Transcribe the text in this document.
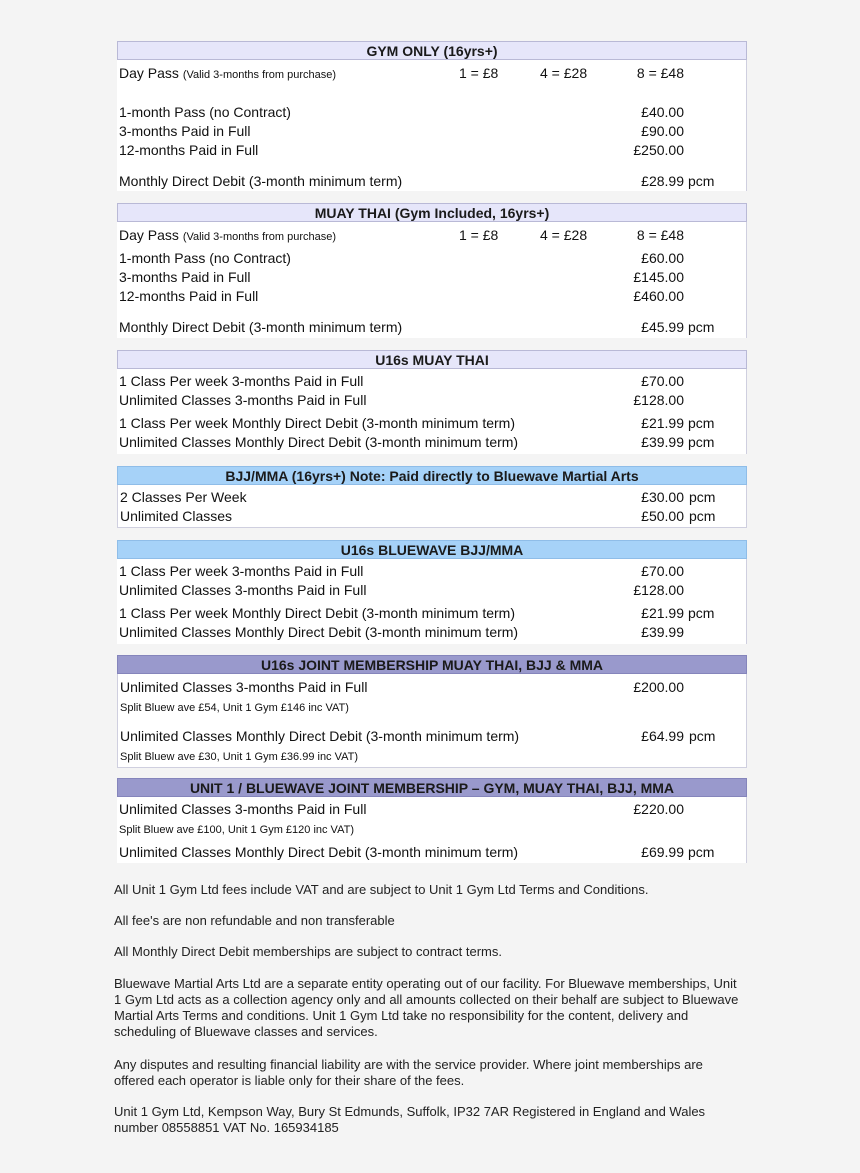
GYM ONLY (16yrs+)
Day Pass (Valid 3-months from purchase)	1 = £8	4 = £28	8 = £48
1-month Pass (no Contract)	£40.00
3-months Paid in Full	£90.00
12-months Paid in Full	£250.00
Monthly Direct Debit (3-month minimum term)	£28.99 pcm
MUAY THAI (Gym Included, 16yrs+)
Day Pass (Valid 3-months from purchase)	1 = £8	4 = £28	8 = £48
1-month Pass (no Contract)	£60.00
3-months Paid in Full	£145.00
12-months Paid in Full	£460.00
Monthly Direct Debit (3-month minimum term)	£45.99 pcm
U16s MUAY THAI
1 Class Per week 3-months Paid in Full	£70.00
Unlimited Classes 3-months Paid in Full	£128.00
1 Class Per week Monthly Direct Debit (3-month minimum term)	£21.99 pcm
Unlimited Classes Monthly Direct Debit (3-month minimum term)	£39.99 pcm
BJJ/MMA (16yrs+) Note: Paid directly to Bluewave Martial Arts
2 Classes Per Week	£30.00 pcm
Unlimited Classes	£50.00 pcm
U16s BLUEWAVE BJJ/MMA
1 Class Per week 3-months Paid in Full	£70.00
Unlimited Classes 3-months Paid in Full	£128.00
1 Class Per week Monthly Direct Debit (3-month minimum term)	£21.99 pcm
Unlimited Classes Monthly Direct Debit (3-month minimum term)	£39.99
U16s JOINT MEMBERSHIP MUAY THAI, BJJ & MMA
Unlimited Classes 3-months Paid in Full	£200.00
Split Bluew ave £54, Unit 1 Gym £146 inc VAT)
Unlimited Classes Monthly Direct Debit (3-month minimum term)	£64.99 pcm
Split Bluew ave £30, Unit 1 Gym £36.99 inc VAT)
UNIT 1 / BLUEWAVE JOINT MEMBERSHIP – GYM, MUAY THAI, BJJ, MMA
Unlimited Classes 3-months Paid in Full	£220.00
Split Bluew ave £100, Unit 1 Gym £120 inc VAT)
Unlimited Classes Monthly Direct Debit (3-month minimum term)	£69.99 pcm

All Unit 1 Gym Ltd fees include VAT and are subject to Unit 1 Gym Ltd Terms and Conditions.

All fee's are non refundable and non transferable

All Monthly Direct Debit memberships are subject to contract terms.

Bluewave Martial Arts Ltd are a separate entity operating out of our facility. For Bluewave memberships, Unit 1 Gym Ltd acts as a collection agency only and all amounts collected on their behalf are subject to Bluewave Martial Arts Terms and conditions. Unit 1 Gym Ltd take no responsibility for the content, delivery and scheduling of Bluewave classes and services.

Any disputes and resulting financial liability are with the service provider. Where joint memberships are offered each operator is liable only for their share of the fees.

Unit 1 Gym Ltd, Kempson Way, Bury St Edmunds, Suffolk, IP32 7AR Registered in England and Wales number 08558851 VAT No. 165934185
